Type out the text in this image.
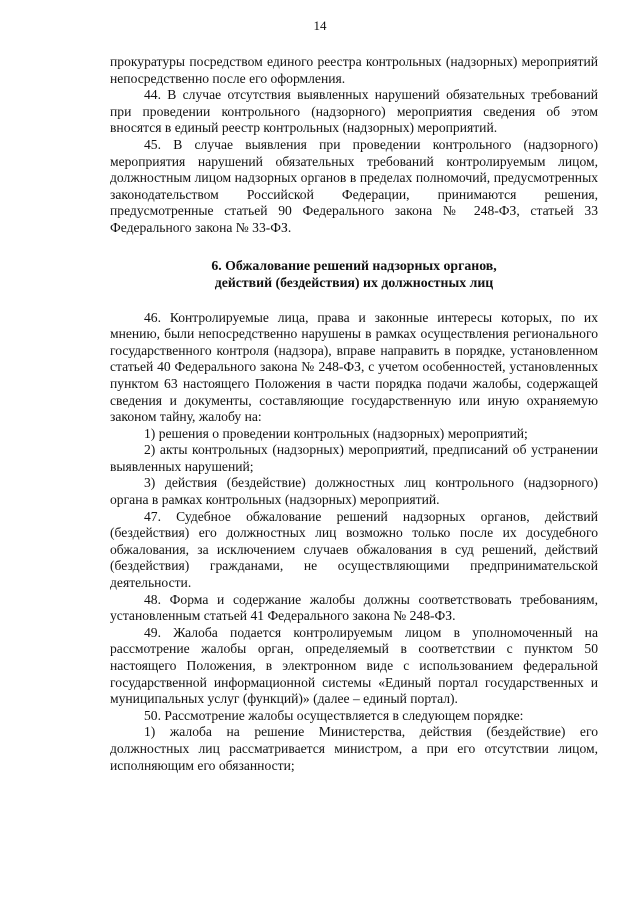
14

прокуратуры посредством единого реестра контрольных (надзорных) мероприятий непосредственно после его оформления.

44. В случае отсутствия выявленных нарушений обязательных требований при проведении контрольного (надзорного) мероприятия сведения об этом вносятся в единый реестр контрольных (надзорных) мероприятий.

45. В случае выявления при проведении контрольного (надзорного) мероприятия нарушений обязательных требований контролируемым лицом, должностным лицом надзорных органов в пределах полномочий, предусмотренных законодательством Российской Федерации, принимаются решения, предусмотренные статьей 90 Федерального закона № 248-ФЗ, статьей 33 Федерального закона № 33-ФЗ.

6. Обжалование решений надзорных органов,
действий (бездействия) их должностных лиц

46. Контролируемые лица, права и законные интересы которых, по их мнению, были непосредственно нарушены в рамках осуществления регионального государственного контроля (надзора), вправе направить в порядке, установленном статьей 40 Федерального закона № 248-ФЗ, с учетом особенностей, установленных пунктом 63 настоящего Положения в части порядка подачи жалобы, содержащей сведения и документы, составляющие государственную или иную охраняемую законом тайну, жалобу на:

1) решения о проведении контрольных (надзорных) мероприятий;

2) акты контрольных (надзорных) мероприятий, предписаний об устранении выявленных нарушений;

3) действия (бездействие) должностных лиц контрольного (надзорного) органа в рамках контрольных (надзорных) мероприятий.

47. Судебное обжалование решений надзорных органов, действий (бездействия) его должностных лиц возможно только после их досудебного обжалования, за исключением случаев обжалования в суд решений, действий (бездействия) гражданами, не осуществляющими предпринимательской деятельности.

48. Форма и содержание жалобы должны соответствовать требованиям, установленным статьей 41 Федерального закона № 248-ФЗ.

49. Жалоба подается контролируемым лицом в уполномоченный на рассмотрение жалобы орган, определяемый в соответствии с пунктом 50 настоящего Положения, в электронном виде с использованием федеральной государственной информационной системы «Единый портал государственных и муниципальных услуг (функций)» (далее – единый портал).

50. Рассмотрение жалобы осуществляется в следующем порядке:

1) жалоба на решение Министерства, действия (бездействие) его должностных лиц рассматривается министром, а при его отсутствии лицом, исполняющим его обязанности;
